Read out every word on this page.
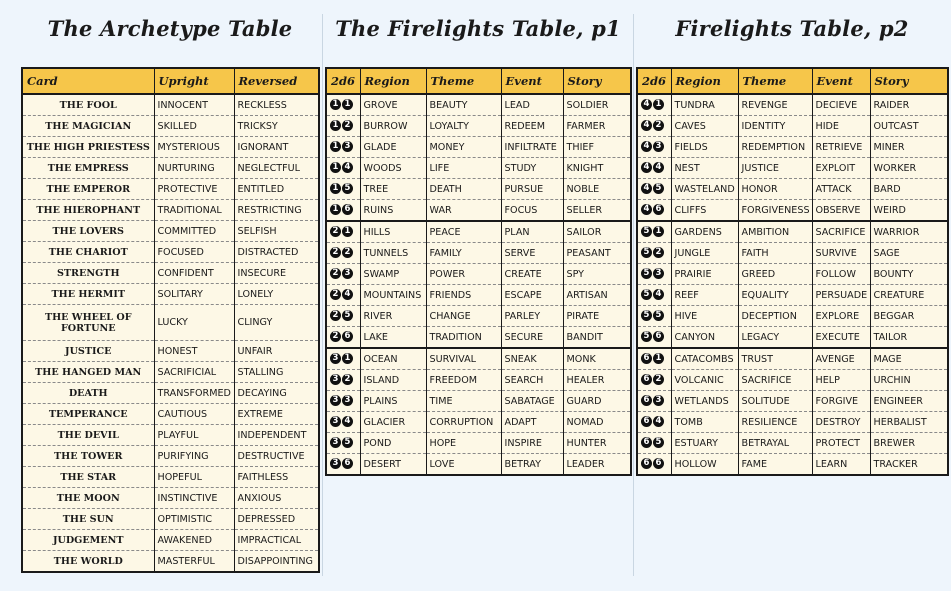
The Archetype Table	The Firelights Table, p1	Firelights Table, p2
Card	Upright	Reversed
THE FOOL	INNOCENT	RECKLESS
THE MAGICIAN	SKILLED	TRICKSY
THE HIGH PRIESTESS	MYSTERIOUS	IGNORANT
THE EMPRESS	NURTURING	NEGLECTFUL
THE EMPEROR	PROTECTIVE	ENTITLED
THE HIEROPHANT	TRADITIONAL	RESTRICTING
THE LOVERS	COMMITTED	SELFISH
THE CHARIOT	FOCUSED	DISTRACTED
STRENGTH	CONFIDENT	INSECURE
THE HERMIT	SOLITARY	LONELY
THE WHEEL OF FORTUNE	LUCKY	CLINGY
JUSTICE	HONEST	UNFAIR
THE HANGED MAN	SACRIFICIAL	STALLING
DEATH	TRANSFORMED	DECAYING
TEMPERANCE	CAUTIOUS	EXTREME
THE DEVIL	PLAYFUL	INDEPENDENT
THE TOWER	PURIFYING	DESTRUCTIVE
THE STAR	HOPEFUL	FAITHLESS
THE MOON	INSTINCTIVE	ANXIOUS
THE SUN	OPTIMISTIC	DEPRESSED
JUDGEMENT	AWAKENED	IMPRACTICAL
THE WORLD	MASTERFUL	DISAPPOINTING
2d6	Region	Theme	Event	Story
1 1	GROVE	BEAUTY	LEAD	SOLDIER
1 2	BURROW	LOYALTY	REDEEM	FARMER
1 3	GLADE	MONEY	INFILTRATE	THIEF
1 4	WOODS	LIFE	STUDY	KNIGHT
1 5	TREE	DEATH	PURSUE	NOBLE
1 6	RUINS	WAR	FOCUS	SELLER
2 1	HILLS	PEACE	PLAN	SAILOR
2 2	TUNNELS	FAMILY	SERVE	PEASANT
2 3	SWAMP	POWER	CREATE	SPY
2 4	MOUNTAINS	FRIENDS	ESCAPE	ARTISAN
2 5	RIVER	CHANGE	PARLEY	PIRATE
2 6	LAKE	TRADITION	SECURE	BANDIT
3 1	OCEAN	SURVIVAL	SNEAK	MONK
3 2	ISLAND	FREEDOM	SEARCH	HEALER
3 3	PLAINS	TIME	SABATAGE	GUARD
3 4	GLACIER	CORRUPTION	ADAPT	NOMAD
3 5	POND	HOPE	INSPIRE	HUNTER
3 6	DESERT	LOVE	BETRAY	LEADER
2d6	Region	Theme	Event	Story
4 1	TUNDRA	REVENGE	DECIEVE	RAIDER
4 2	CAVES	IDENTITY	HIDE	OUTCAST
4 3	FIELDS	REDEMPTION	RETRIEVE	MINER
4 4	NEST	JUSTICE	EXPLOIT	WORKER
4 5	WASTELAND	HONOR	ATTACK	BARD
4 6	CLIFFS	FORGIVENESS	OBSERVE	WEIRD
5 1	GARDENS	AMBITION	SACRIFICE	WARRIOR
5 2	JUNGLE	FAITH	SURVIVE	SAGE
5 3	PRAIRIE	GREED	FOLLOW	BOUNTY
5 4	REEF	EQUALITY	PERSUADE	CREATURE
5 5	HIVE	DECEPTION	EXPLORE	BEGGAR
5 6	CANYON	LEGACY	EXECUTE	TAILOR
6 1	CATACOMBS	TRUST	AVENGE	MAGE
6 2	VOLCANIC	SACRIFICE	HELP	URCHIN
6 3	WETLANDS	SOLITUDE	FORGIVE	ENGINEER
6 4	TOMB	RESILIENCE	DESTROY	HERBALIST
6 5	ESTUARY	BETRAYAL	PROTECT	BREWER
6 6	HOLLOW	FAME	LEARN	TRACKER
